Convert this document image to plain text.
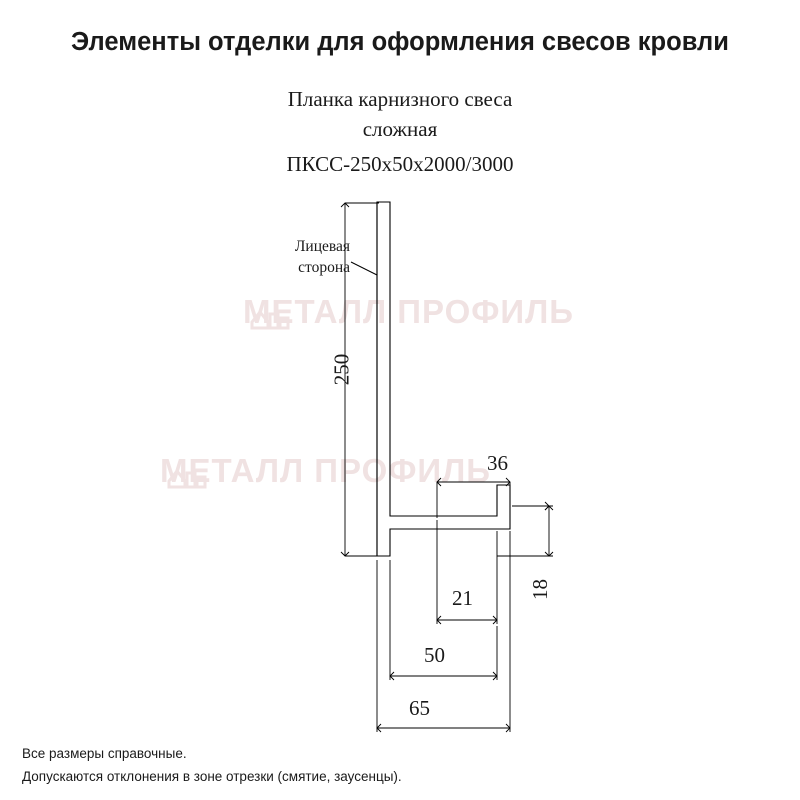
Элементы отделки для оформления свесов кровли
Планка карнизного свеса
сложная
ПКСС-250х50х2000/3000
МЕТАЛЛ ПРОФИЛЬ
МЕТАЛЛ ПРОФИЛЬ
Лицевая
сторона
250
36
18
21
50
65
Все размеры справочные.
Допускаются отклонения в зоне отрезки (смятие, заусенцы).
